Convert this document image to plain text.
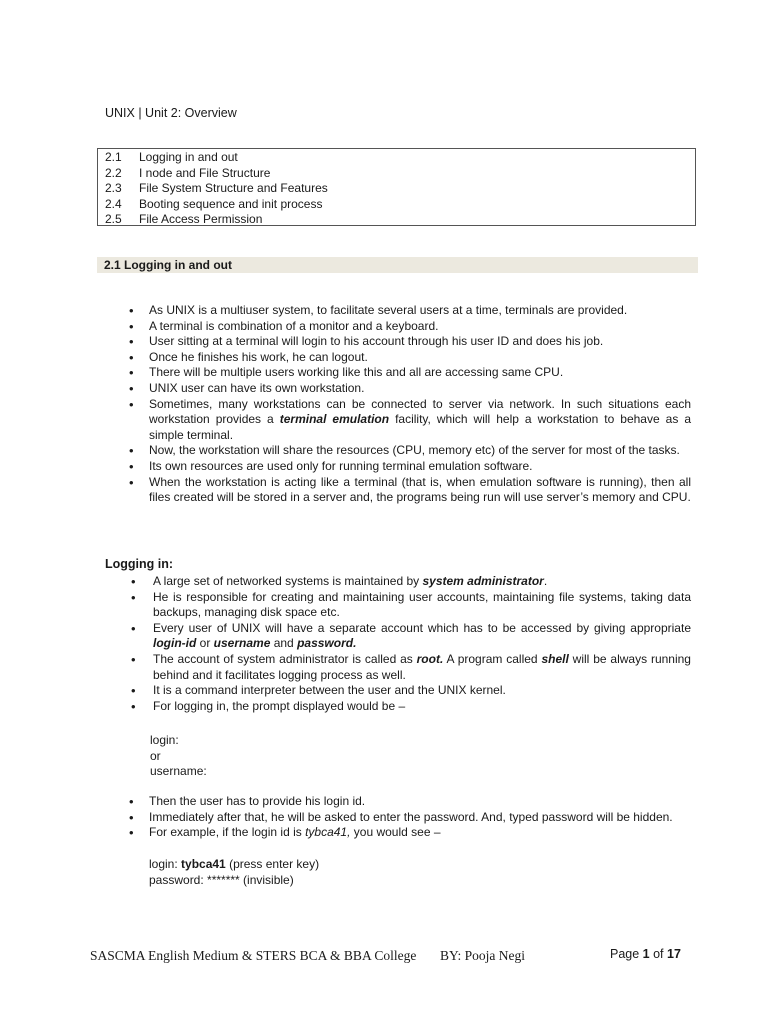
UNIX | Unit 2: Overview
2.1	Logging in and out
2.2	I node and File Structure
2.3	File System Structure and Features
2.4	Booting sequence and init process
2.5	File Access Permission
2.1 Logging in and out
• As UNIX is a multiuser system, to facilitate several users at a time, terminals are provided.
• A terminal is combination of a monitor and a keyboard.
• User sitting at a terminal will login to his account through his user ID and does his job.
• Once he finishes his work, he can logout.
• There will be multiple users working like this and all are accessing same CPU.
• UNIX user can have its own workstation.
• Sometimes, many workstations can be connected to server via network. In such situations each workstation provides a terminal emulation facility, which will help a workstation to behave as a simple terminal.
• Now, the workstation will share the resources (CPU, memory etc) of the server for most of the tasks.
• Its own resources are used only for running terminal emulation software.
• When the workstation is acting like a terminal (that is, when emulation software is running), then all files created will be stored in a server and, the programs being run will use server’s memory and CPU.
Logging in:
• A large set of networked systems is maintained by system administrator.
• He is responsible for creating and maintaining user accounts, maintaining file systems, taking data backups, managing disk space etc.
• Every user of UNIX will have a separate account which has to be accessed by giving appropriate login-id or username and password.
• The account of system administrator is called as root. A program called shell will be always running behind and it facilitates logging process as well.
• It is a command interpreter between the user and the UNIX kernel.
• For logging in, the prompt displayed would be –
login:
or
username:
• Then the user has to provide his login id.
• Immediately after that, he will be asked to enter the password. And, typed password will be hidden.
• For example, if the login id is tybca41, you would see –
login: tybca41 (press enter key)
password: ******* (invisible)
SASCMA English Medium & STERS BCA & BBA College BY: Pooja Negi	Page 1 of 17
